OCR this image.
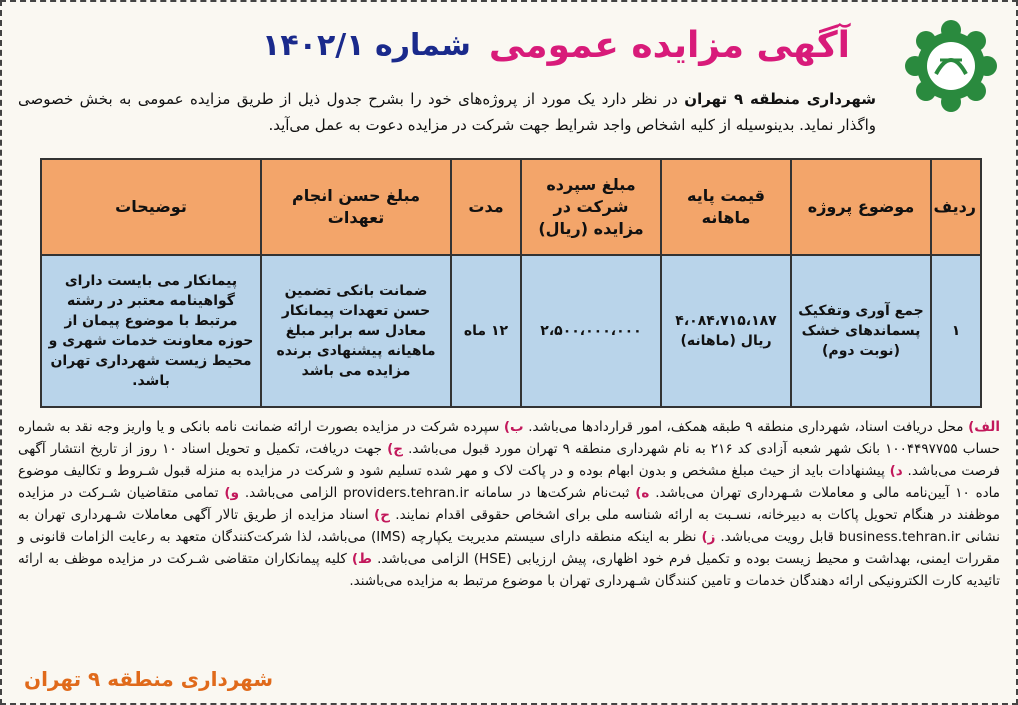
آگهی مزایده عمومی
شماره ۱۴۰۲/۱
شهرداری منطقه ۹ تهران در نظر دارد یک مورد از پروژه‌های خود را بشرح جدول ذیل از طریق مزایده عمومی به بخش خصوصی واگذار نماید. بدینوسیله از کلیه اشخاص واجد شرایط جهت شرکت در مزایده دعوت به عمل می‌آید.
ردیف	موضوع پروژه	قیمت پایه ماهانه	مبلغ سپرده شرکت در مزایده (ریال)	مدت	مبلغ حسن انجام تعهدات	توضیحات
۱	جمع آوری وتفکیک پسماندهای خشک (نوبت دوم)	۴،۰۸۴،۷۱۵،۱۸۷ ریال (ماهانه)	۲،۵۰۰،۰۰۰،۰۰۰	۱۲ ماه	ضمانت بانکی تضمین حسن تعهدات پیمانکار معادل سه برابر مبلغ ماهیانه پیشنهادی برنده مزایده می باشد	پیمانکار می بایست دارای گواهینامه معتبر در رشته مرتبط با موضوع پیمان از حوزه معاونت خدمات شهری و محیط زیست شهرداری تهران باشد.
الف) محل دریافت اسناد، شهرداری منطقه ۹ طبقه همکف، امور قراردادها می‌باشد. ب) سپرده شرکت در مزایده بصورت ارائه ضمانت نامه بانکی و یا واریز وجه نقد به شماره حساب ۱۰۰۴۴۹۷۷۵۵ بانک شهر شعبه آزادی کد ۲۱۶ به نام شهرداری منطقه ۹ تهران مورد قبول می‌باشد. ج) جهت دریافت، تکمیل و تحویل اسناد ۱۰ روز از تاریخ انتشار آگهی فرصت می‌باشد. د) پیشنهادات باید از حیث مبلغ مشخص و بدون ابهام بوده و در پاکت لاک و مهر شده تسلیم شود و شرکت در مزایده به منزله قبول شـروط و تکالیف موضوع ماده ۱۰ آیین‌نامه مالی و معاملات شـهرداری تهران می‌باشد. ه) ثبت‌نام شرکت‌ها در سامانه providers.tehran.ir الزامی می‌باشد. و) تمامی متقاضیان شـرکت در مزایده موظفند در هنگام تحویل پاکات به دبیرخانه، نسـبت به ارائه شناسه ملی برای اشخاص حقوقی اقدام نمایند. ح) اسناد مزایده از طریق تالار آگهی معاملات شـهرداری تهران به نشانی business.tehran.ir قابل رویت می‌باشد. ز) نظر به اینکه منطقه دارای سیستم مدیریت یکپارچه (IMS) می‌باشد، لذا شرکت‌کنندگان متعهد به رعایت الزامات قانونی و مقررات ایمنی، بهداشت و محیط زیست بوده و تکمیل فرم خود اظهاری، پیش ارزیابی (HSE) الزامی می‌باشد. ط) کلیه پیمانکاران متقاضی شـرکت در مزایده موظف به ارائه تائیدیه کارت الکترونیکی ارائه دهندگان خدمات و تامین کنندگان شـهرداری تهران با موضوع مرتبط به مزایده می‌باشند.
شهرداری منطقه ۹ تهران
